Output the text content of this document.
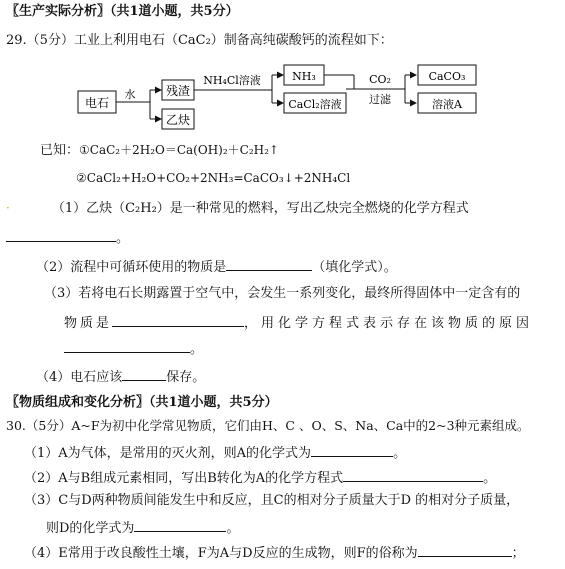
〖生产实际分析〗（共1道小题，共5分）
29.（5分）工业上利用电石（CaC₂）制备高纯碳酸钙的流程如下：
电石
水	残渣
乙炔
NH₄Cl溶液	NH₃
CaCl₂溶液
CO₂
过滤
CaCO₃
溶液A
已知：①CaC₂＋2H₂O＝Ca(OH)₂＋C₂H₂↑
②CaCl₂+H₂O+CO₂+2NH₃=CaCO₃↓+2NH₄Cl
·	（1）乙炔（C₂H₂）是一种常见的燃料，写出乙炔完全燃烧的化学方程式
。
（2）流程中可循环使用的物质是	（填化学式）。
（3）若将电石长期露置于空气中，会发生一系列变化，最终所得固体中一定含有的
物质是	，用化学方程式表示存在该物质的原因
。
（4）电石应该	保存。
〖物质组成和变化分析〗（共1道小题，共5分）
30.（5分）A~F为初中化学常见物质，它们由H、C 、O、S、Na、Ca中的2~3种元素组成。
（1）A为气体，是常用的灭火剂，则A的化学式为	。
（2）A与B组成元素相同，写出B转化为A的化学方程式	。
（3）C与D两种物质间能发生中和反应，且C的相对分子质量大于D 的相对分子质量，
则D的化学式为	。
（4）E常用于改良酸性土壤，F为A与D反应的生成物，则F的俗称为	；
